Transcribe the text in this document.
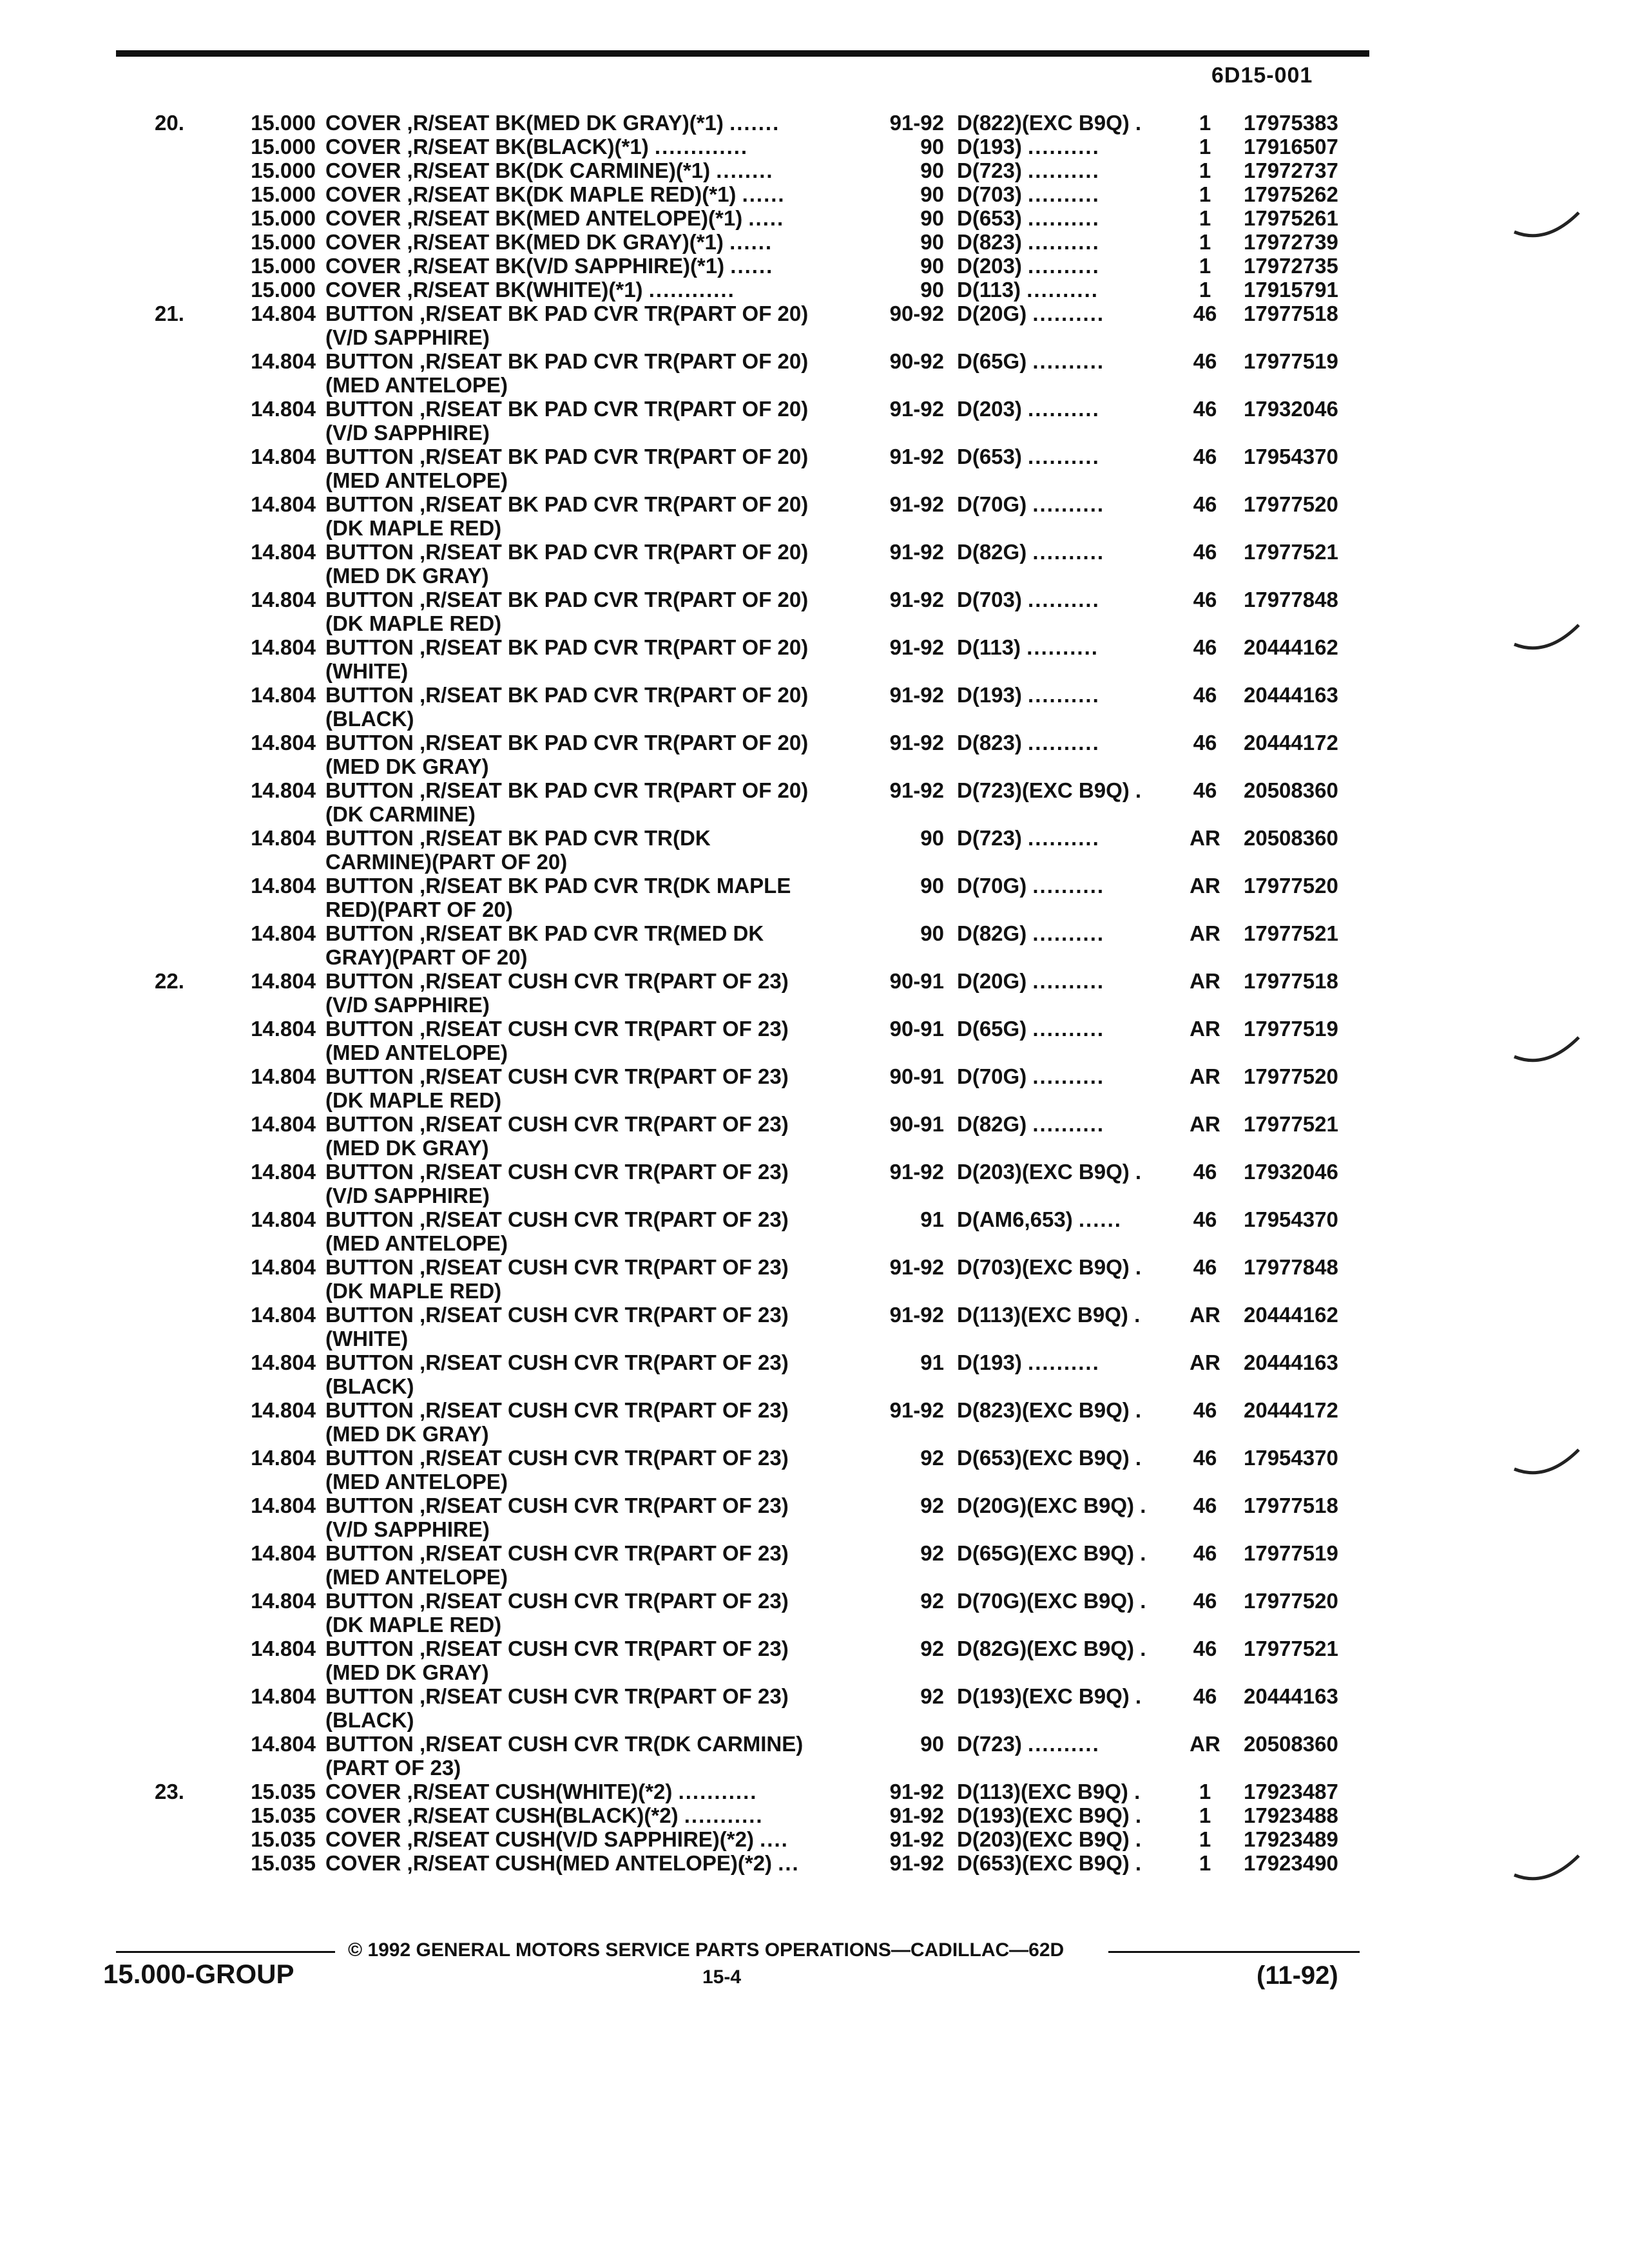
6D15-001
20.	15.000 COVER ,R/SEAT BK(MED DK GRAY)(*1) .......	91-92 D(822)(EXC B9Q) .	1	17975383
15.000 COVER ,R/SEAT BK(BLACK)(*1) .............	90 D(193) ..........	1	17916507
15.000 COVER ,R/SEAT BK(DK CARMINE)(*1) ........	90 D(723) ..........	1	17972737
15.000 COVER ,R/SEAT BK(DK MAPLE RED)(*1) ......	90 D(703) ..........	1	17975262
15.000 COVER ,R/SEAT BK(MED ANTELOPE)(*1) .....	90 D(653) ..........	1	17975261
15.000 COVER ,R/SEAT BK(MED DK GRAY)(*1) ......	90 D(823) ..........	1	17972739
15.000 COVER ,R/SEAT BK(V/D SAPPHIRE)(*1) ......	90 D(203) ..........	1	17972735
15.000 COVER ,R/SEAT BK(WHITE)(*1) ............	90 D(113) ..........	1	17915791
21.	14.804 BUTTON ,R/SEAT BK PAD CVR TR(PART OF 20)	90-92 D(20G) ..........	46	17977518
(V/D SAPPHIRE)
14.804 BUTTON ,R/SEAT BK PAD CVR TR(PART OF 20)	90-92 D(65G) ..........	46	17977519
(MED ANTELOPE)
14.804 BUTTON ,R/SEAT BK PAD CVR TR(PART OF 20)	91-92 D(203) ..........	46	17932046
(V/D SAPPHIRE)
14.804 BUTTON ,R/SEAT BK PAD CVR TR(PART OF 20)	91-92 D(653) ..........	46	17954370
(MED ANTELOPE)
14.804 BUTTON ,R/SEAT BK PAD CVR TR(PART OF 20)	91-92 D(70G) ..........	46	17977520
(DK MAPLE RED)
14.804 BUTTON ,R/SEAT BK PAD CVR TR(PART OF 20)	91-92 D(82G) ..........	46	17977521
(MED DK GRAY)
14.804 BUTTON ,R/SEAT BK PAD CVR TR(PART OF 20)	91-92 D(703) ..........	46	17977848
(DK MAPLE RED)
14.804 BUTTON ,R/SEAT BK PAD CVR TR(PART OF 20)	91-92 D(113) ..........	46	20444162
(WHITE)
14.804 BUTTON ,R/SEAT BK PAD CVR TR(PART OF 20)	91-92 D(193) ..........	46	20444163
(BLACK)
14.804 BUTTON ,R/SEAT BK PAD CVR TR(PART OF 20)	91-92 D(823) ..........	46	20444172
(MED DK GRAY)
14.804 BUTTON ,R/SEAT BK PAD CVR TR(PART OF 20)	91-92 D(723)(EXC B9Q) .	46	20508360
(DK CARMINE)
14.804 BUTTON ,R/SEAT BK PAD CVR TR(DK	90 D(723) ..........	AR	20508360
CARMINE)(PART OF 20)
14.804 BUTTON ,R/SEAT BK PAD CVR TR(DK MAPLE	90 D(70G) ..........	AR	17977520
RED)(PART OF 20)
14.804 BUTTON ,R/SEAT BK PAD CVR TR(MED DK	90 D(82G) ..........	AR	17977521
GRAY)(PART OF 20)
22.	14.804 BUTTON ,R/SEAT CUSH CVR TR(PART OF 23)	90-91 D(20G) ..........	AR	17977518
(V/D SAPPHIRE)
14.804 BUTTON ,R/SEAT CUSH CVR TR(PART OF 23)	90-91 D(65G) ..........	AR	17977519
(MED ANTELOPE)
14.804 BUTTON ,R/SEAT CUSH CVR TR(PART OF 23)	90-91 D(70G) ..........	AR	17977520
(DK MAPLE RED)
14.804 BUTTON ,R/SEAT CUSH CVR TR(PART OF 23)	90-91 D(82G) ..........	AR	17977521
(MED DK GRAY)
14.804 BUTTON ,R/SEAT CUSH CVR TR(PART OF 23)	91-92 D(203)(EXC B9Q) .	46	17932046
(V/D SAPPHIRE)
14.804 BUTTON ,R/SEAT CUSH CVR TR(PART OF 23)	91 D(AM6,653) ......	46	17954370
(MED ANTELOPE)
14.804 BUTTON ,R/SEAT CUSH CVR TR(PART OF 23)	91-92 D(703)(EXC B9Q) .	46	17977848
(DK MAPLE RED)
14.804 BUTTON ,R/SEAT CUSH CVR TR(PART OF 23)	91-92 D(113)(EXC B9Q) .	AR	20444162
(WHITE)
14.804 BUTTON ,R/SEAT CUSH CVR TR(PART OF 23)	91 D(193) ..........	AR	20444163
(BLACK)
14.804 BUTTON ,R/SEAT CUSH CVR TR(PART OF 23)	91-92 D(823)(EXC B9Q) .	46	20444172
(MED DK GRAY)
14.804 BUTTON ,R/SEAT CUSH CVR TR(PART OF 23)	92 D(653)(EXC B9Q) .	46	17954370
(MED ANTELOPE)
14.804 BUTTON ,R/SEAT CUSH CVR TR(PART OF 23)	92 D(20G)(EXC B9Q) .	46	17977518
(V/D SAPPHIRE)
14.804 BUTTON ,R/SEAT CUSH CVR TR(PART OF 23)	92 D(65G)(EXC B9Q) .	46	17977519
(MED ANTELOPE)
14.804 BUTTON ,R/SEAT CUSH CVR TR(PART OF 23)	92 D(70G)(EXC B9Q) .	46	17977520
(DK MAPLE RED)
14.804 BUTTON ,R/SEAT CUSH CVR TR(PART OF 23)	92 D(82G)(EXC B9Q) .	46	17977521
(MED DK GRAY)
14.804 BUTTON ,R/SEAT CUSH CVR TR(PART OF 23)	92 D(193)(EXC B9Q) .	46	20444163
(BLACK)
14.804 BUTTON ,R/SEAT CUSH CVR TR(DK CARMINE)	90 D(723) ..........	AR	20508360
(PART OF 23)
23.	15.035 COVER ,R/SEAT CUSH(WHITE)(*2) ...........	91-92 D(113)(EXC B9Q) .	1	17923487
15.035 COVER ,R/SEAT CUSH(BLACK)(*2) ...........	91-92 D(193)(EXC B9Q) .	1	17923488
15.035 COVER ,R/SEAT CUSH(V/D SAPPHIRE)(*2) ....	91-92 D(203)(EXC B9Q) .	1	17923489
15.035 COVER ,R/SEAT CUSH(MED ANTELOPE)(*2) ...	91-92 D(653)(EXC B9Q) .	1	17923490
© 1992 GENERAL MOTORS SERVICE PARTS OPERATIONS—CADILLAC—62D
15.000-GROUP	15-4	(11-92)
